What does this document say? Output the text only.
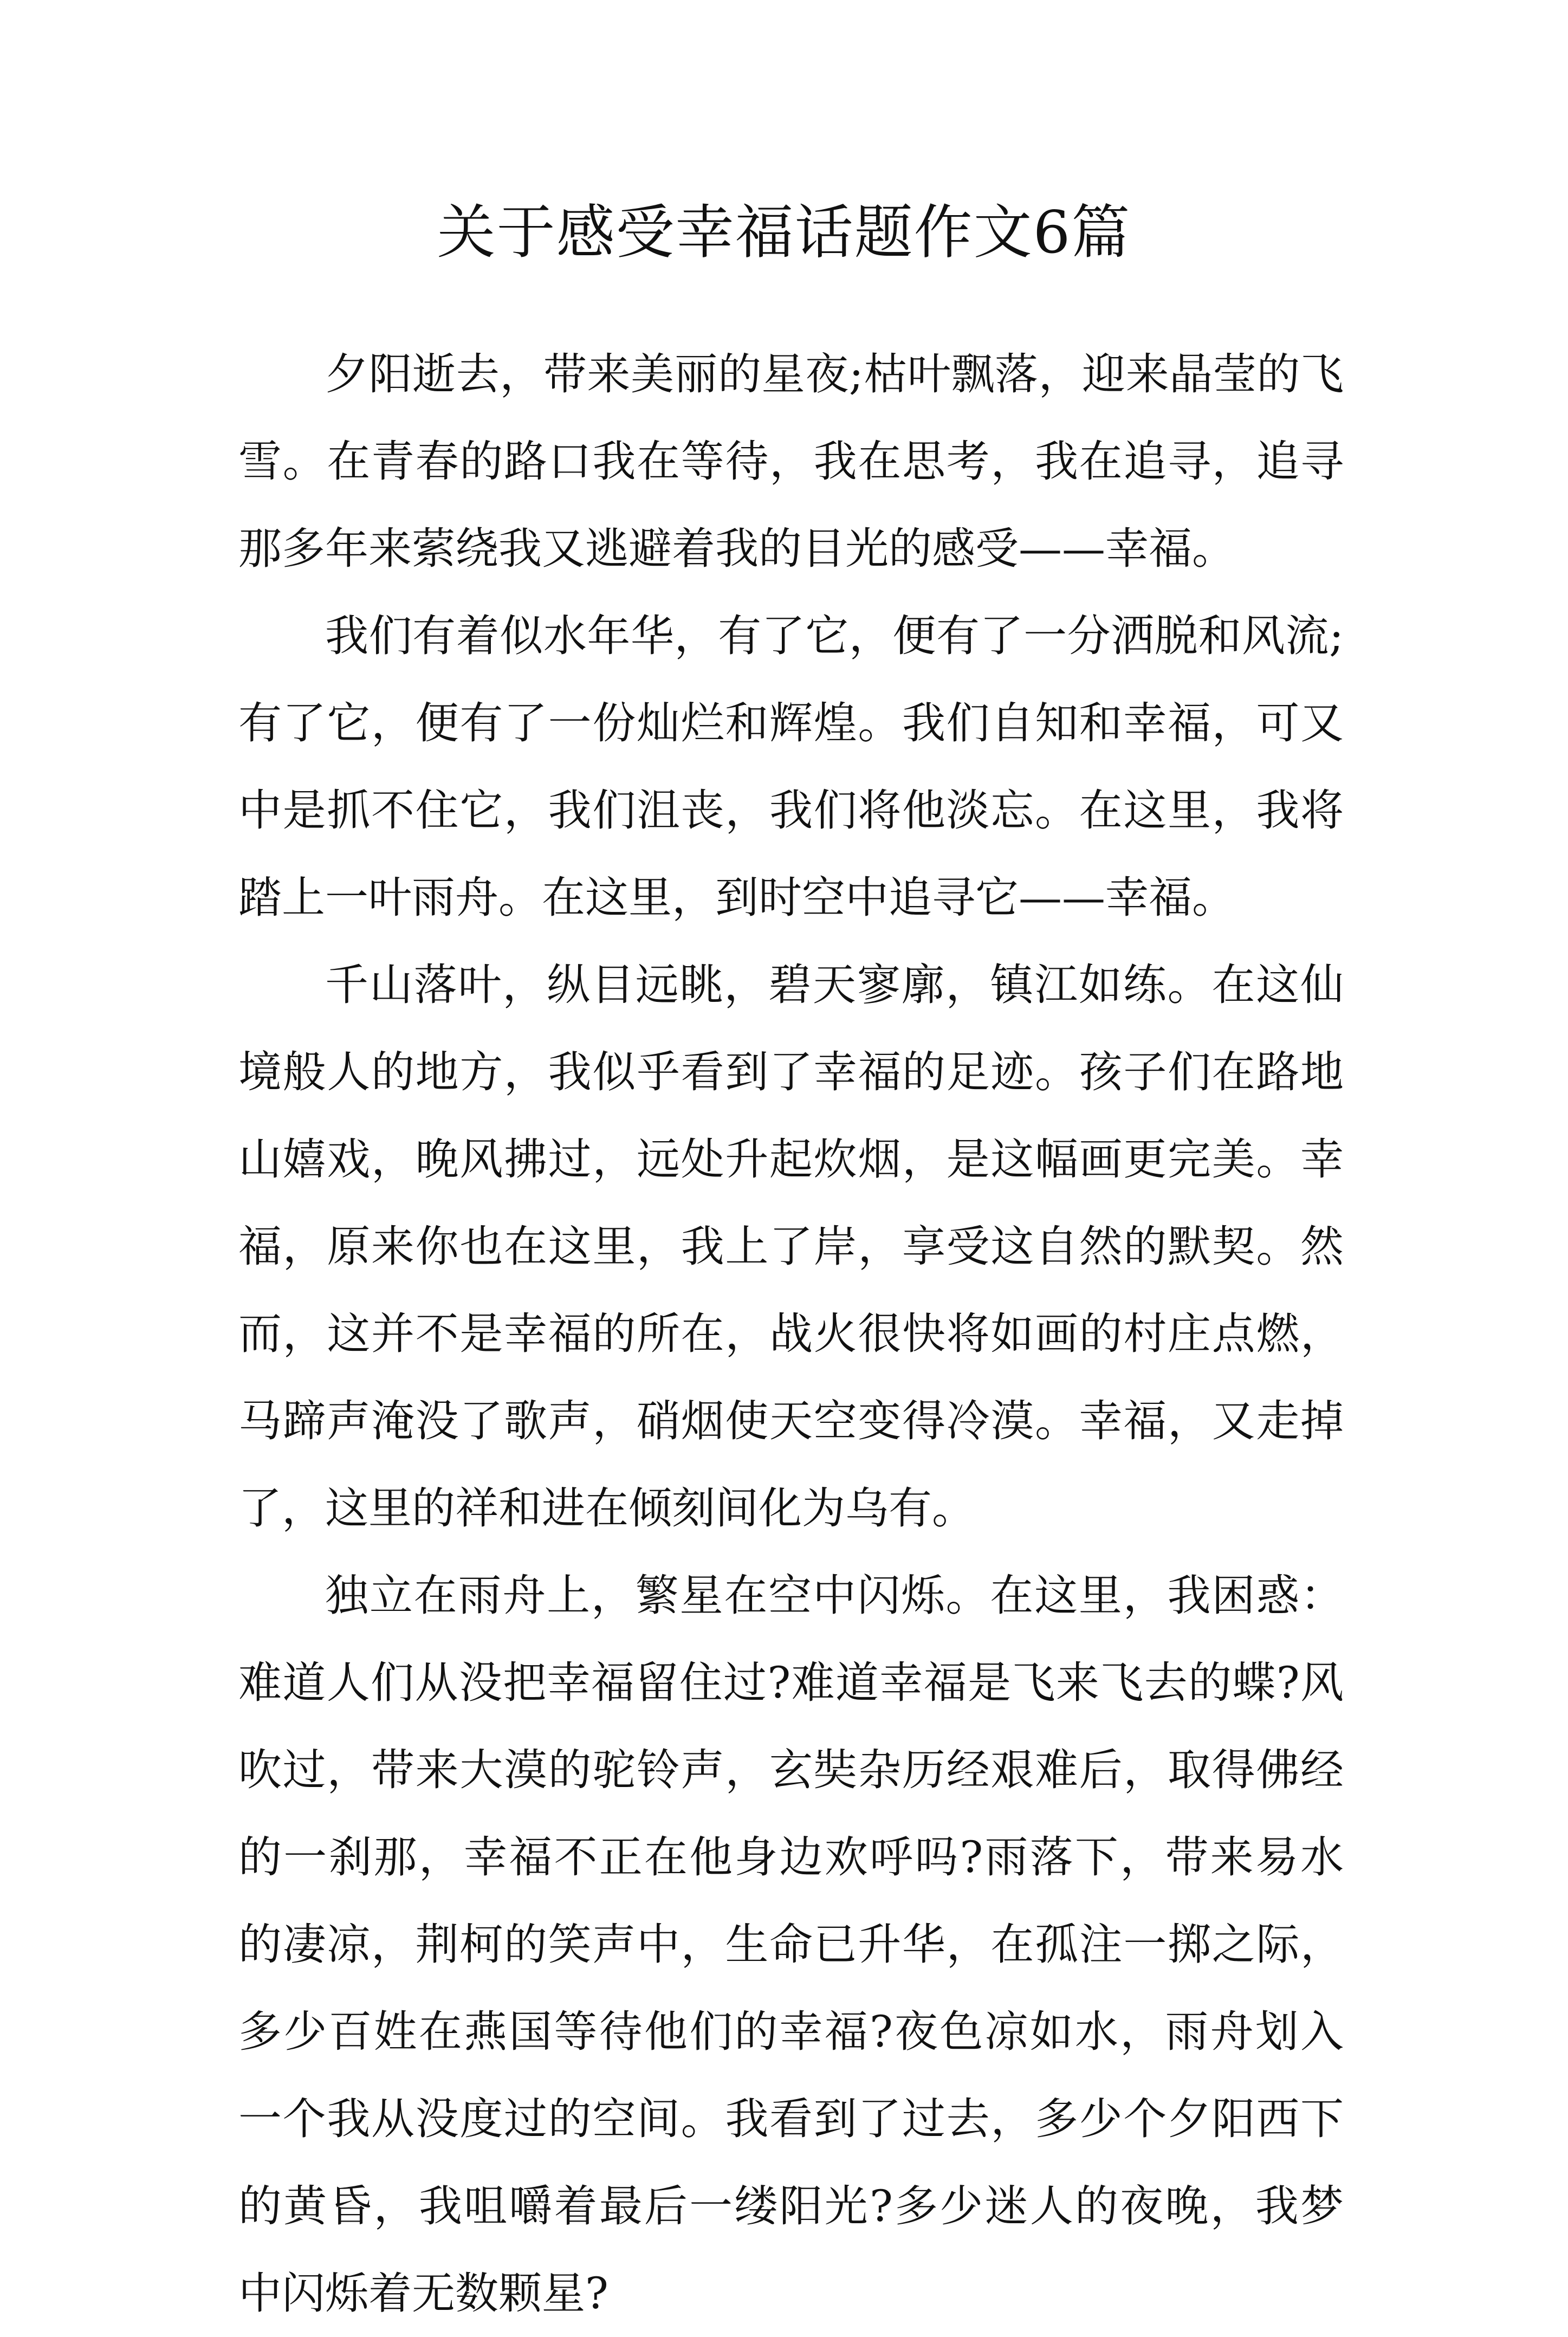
关于感受幸福话题作文6篇

夕阳逝去，带来美丽的星夜;枯叶飘落，迎来晶莹的飞雪。在青春的路口我在等待，我在思考，我在追寻，追寻那多年来萦绕我又逃避着我的目光的感受——幸福。

我们有着似水年华，有了它，便有了一分洒脱和风流;有了它，便有了一份灿烂和辉煌。我们自知和幸福，可又中是抓不住它，我们沮丧，我们将他淡忘。在这里，我将踏上一叶雨舟。在这里，到时空中追寻它——幸福。

千山落叶，纵目远眺，碧天寥廓，镇江如练。在这仙境般人的地方，我似乎看到了幸福的足迹。孩子们在路地山嬉戏，晚风拂过，远处升起炊烟，是这幅画更完美。幸福，原来你也在这里，我上了岸，享受这自然的默契。然而，这并不是幸福的所在，战火很快将如画的村庄点燃，马蹄声淹没了歌声，硝烟使天空变得冷漠。幸福，又走掉了，这里的祥和进在倾刻间化为乌有。

独立在雨舟上，繁星在空中闪烁。在这里，我困惑：难道人们从没把幸福留住过?难道幸福是飞来飞去的蝶?风吹过，带来大漠的驼铃声，玄奘杂历经艰难后，取得佛经的一刹那，幸福不正在他身边欢呼吗?雨落下，带来易水的凄凉，荆柯的笑声中，生命已升华，在孤注一掷之际，多少百姓在燕国等待他们的幸福?夜色凉如水，雨舟划入一个我从没度过的空间。我看到了过去，多少个夕阳西下的黄昏，我咀嚼着最后一缕阳光?多少迷人的夜晚，我梦中闪烁着无数颗星?
